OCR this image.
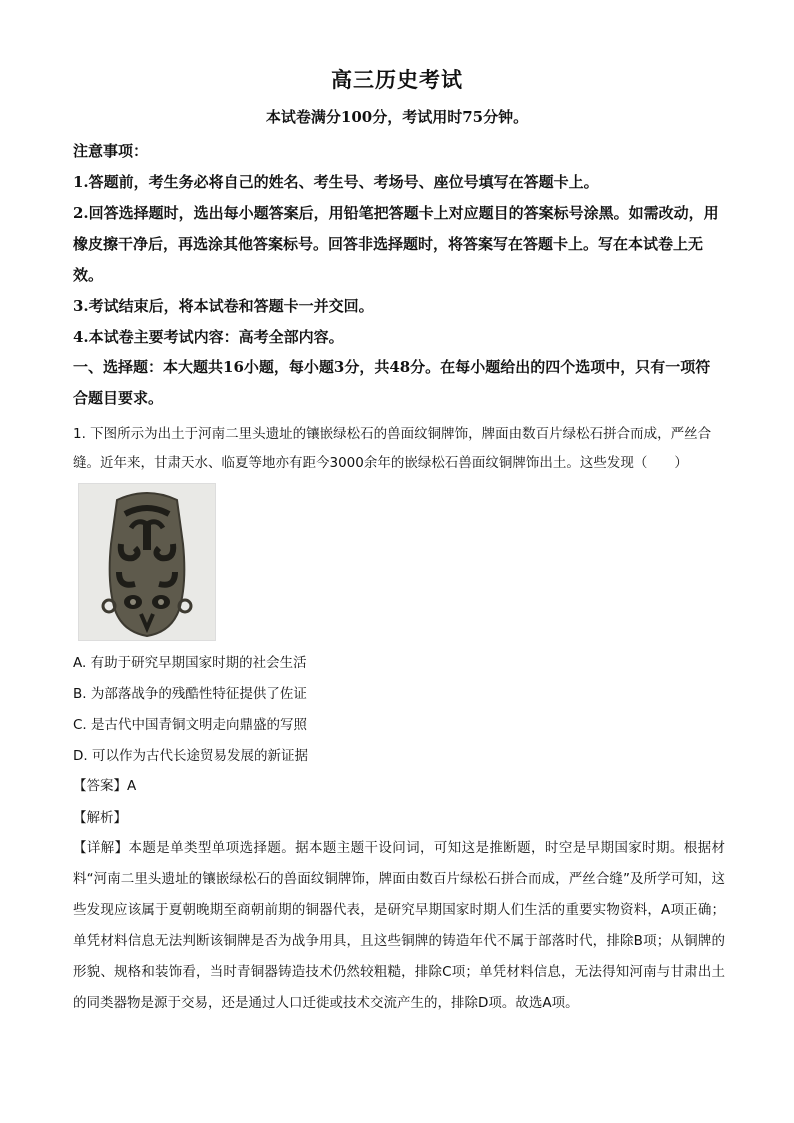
高三历史考试
本试卷满分100分，考试用时75分钟。

注意事项：

1.答题前，考生务必将自己的姓名、考生号、考场号、座位号填写在答题卡上。

2.回答选择题时，选出每小题答案后，用铅笔把答题卡上对应题目的答案标号涂黑。如需改动，用橡皮擦干净后，再选涂其他答案标号。回答非选择题时，将答案写在答题卡上。写在本试卷上无效。

3.考试结束后，将本试卷和答题卡一并交回。

4.本试卷主要考试内容：高考全部内容。

一、选择题：本大题共16小题，每小题3分，共48分。在每小题给出的四个选项中，只有一项符合题目要求。
1. 下图所示为出土于河南二里头遗址的镶嵌绿松石的兽面纹铜牌饰，牌面由数百片绿松石拼合而成，严丝合缝。近年来，甘肃天水、临夏等地亦有距今3000余年的嵌绿松石兽面纹铜牌饰出土。这些发现（　　）

A. 有助于研究早期国家时期的社会生活

B. 为部落战争的残酷性特征提供了佐证

C. 是古代中国青铜文明走向鼎盛的写照

D. 可以作为古代长途贸易发展的新证据

【答案】A
【解析】
【详解】本题是单类型单项选择题。据本题主题干设问词，可知这是推断题，时空是早期国家时期。根据材料“河南二里头遗址的镶嵌绿松石的兽面纹铜牌饰，牌面由数百片绿松石拼合而成，严丝合缝”及所学可知，这些发现应该属于夏朝晚期至商朝前期的铜器代表，是研究早期国家时期人们生活的重要实物资料，A项正确；单凭材料信息无法判断该铜牌是否为战争用具，且这些铜牌的铸造年代不属于部落时代，排除B项；从铜牌的形貌、规格和装饰看，当时青铜器铸造技术仍然较粗糙，排除C项；单凭材料信息，无法得知河南与甘肃出土的同类器物是源于交易，还是通过人口迁徙或技术交流产生的，排除D项。故选A项。
